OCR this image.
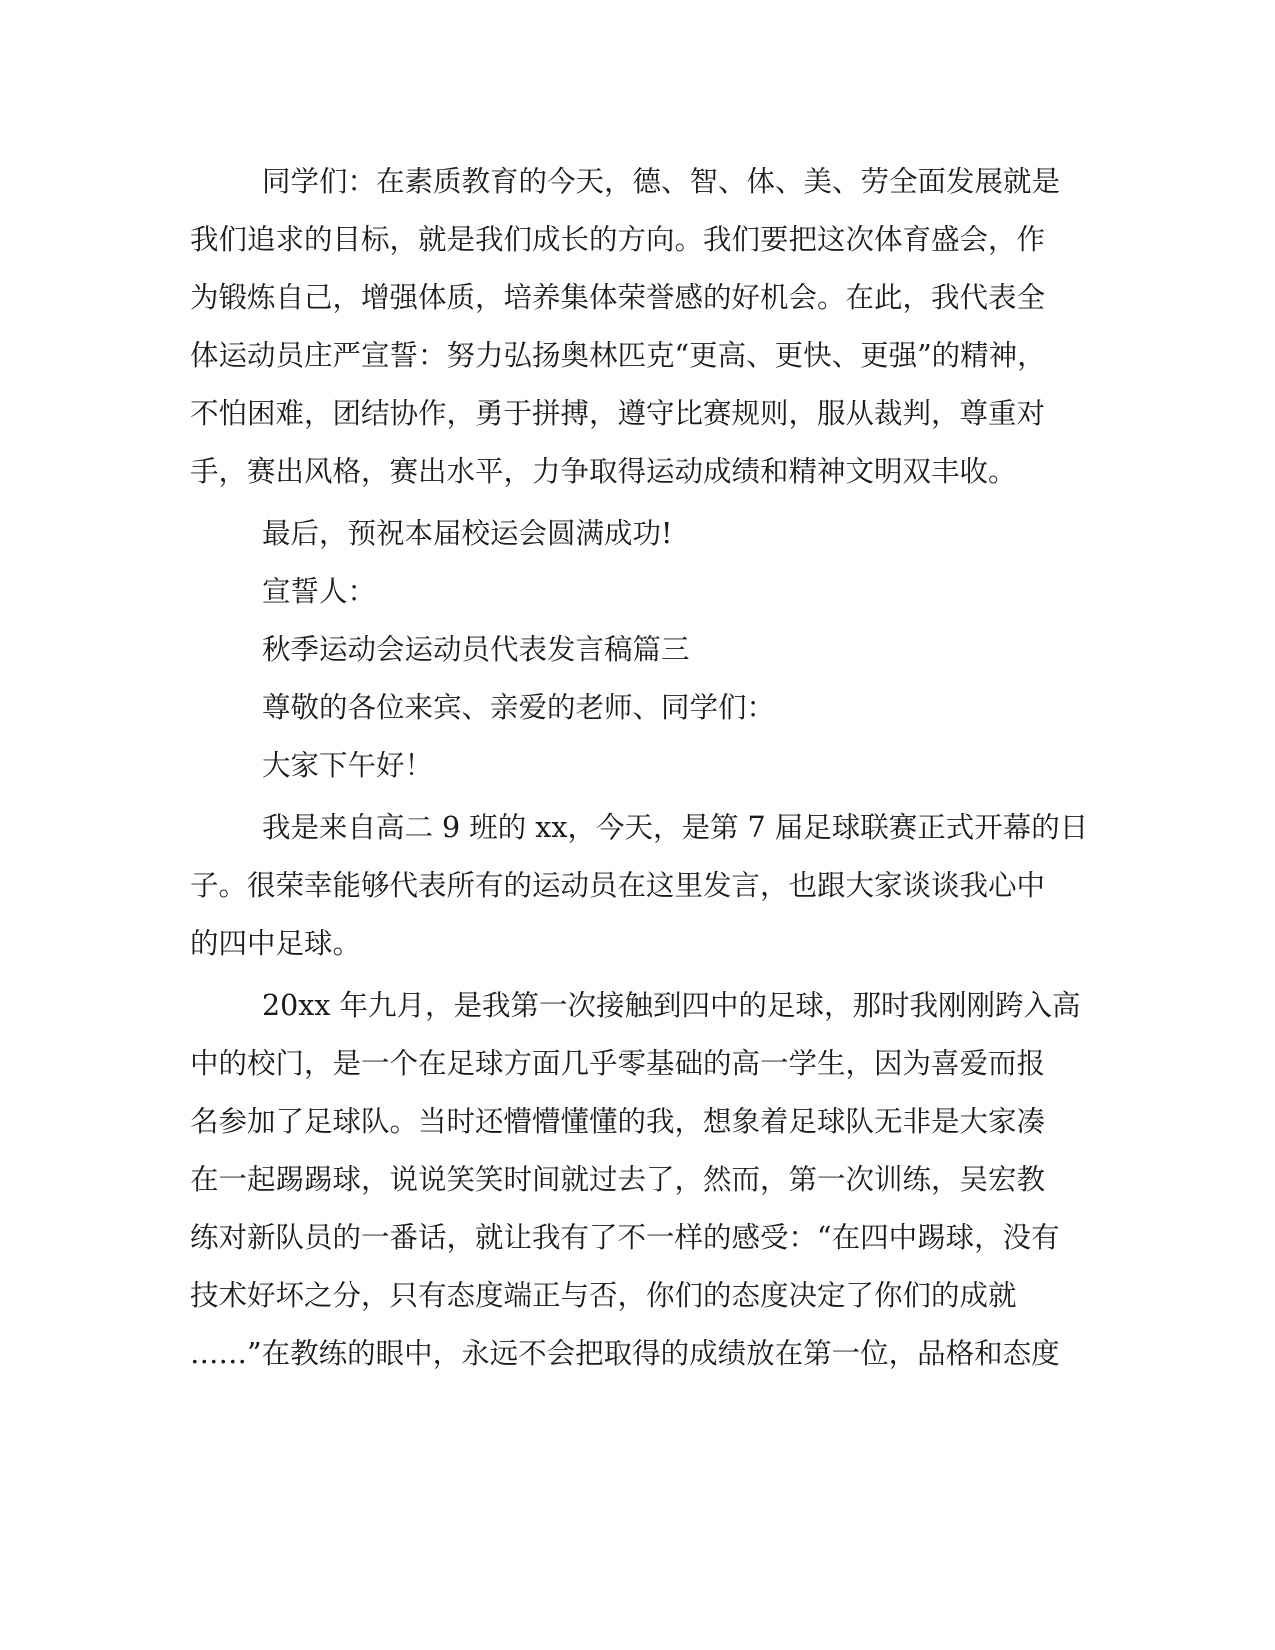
同学们：在素质教育的今天，德、智、体、美、劳全面发展就是
我们追求的目标，就是我们成长的方向。我们要把这次体育盛会，作
为锻炼自己，增强体质，培养集体荣誉感的好机会。在此，我代表全
体运动员庄严宣誓：努力弘扬奥林匹克“更高、更快、更强”的精神，
不怕困难，团结协作，勇于拼搏，遵守比赛规则，服从裁判，尊重对
手，赛出风格，赛出水平，力争取得运动成绩和精神文明双丰收。
最后，预祝本届校运会圆满成功!
宣誓人：
秋季运动会运动员代表发言稿篇三
尊敬的各位来宾、亲爱的老师、同学们：
大家下午好！
我是来自高二 9 班的 xx，今天，是第 7 届足球联赛正式开幕的日
子。很荣幸能够代表所有的运动员在这里发言，也跟大家谈谈我心中
的四中足球。
20xx 年九月，是我第一次接触到四中的足球，那时我刚刚跨入高
中的校门，是一个在足球方面几乎零基础的高一学生，因为喜爱而报
名参加了足球队。当时还懵懵懂懂的我，想象着足球队无非是大家凑
在一起踢踢球，说说笑笑时间就过去了，然而，第一次训练，吴宏教
练对新队员的一番话，就让我有了不一样的感受：“在四中踢球，没有
技术好坏之分，只有态度端正与否，你们的态度决定了你们的成就
……”在教练的眼中，永远不会把取得的成绩放在第一位，品格和态度
